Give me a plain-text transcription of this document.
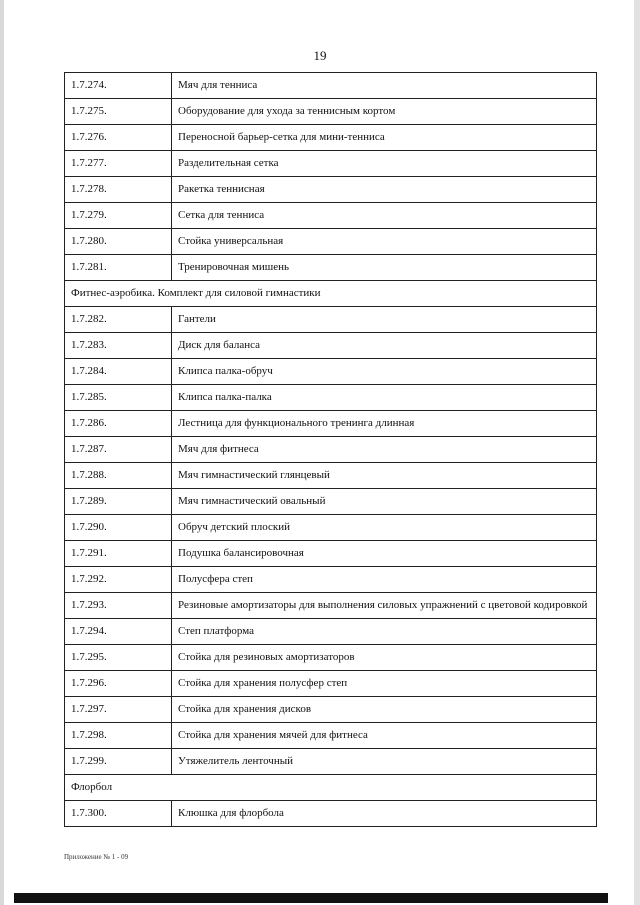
19
1.7.274.	Мяч для тенниса
1.7.275.	Оборудование для ухода за теннисным кортом
1.7.276.	Переносной барьер-сетка для мини-тенниса
1.7.277.	Разделительная сетка
1.7.278.	Ракетка теннисная
1.7.279.	Сетка для тенниса
1.7.280.	Стойка универсальная
1.7.281.	Тренировочная мишень
Фитнес-аэробика. Комплект для силовой гимнастики	
1.7.282.	Гантели
1.7.283.	Диск для баланса
1.7.284.	Клипса палка-обруч
1.7.285.	Клипса палка-палка
1.7.286.	Лестница для функционального тренинга длинная
1.7.287.	Мяч для фитнеса
1.7.288.	Мяч гимнастический глянцевый
1.7.289.	Мяч гимнастический овальный
1.7.290.	Обруч детский плоский
1.7.291.	Подушка балансировочная
1.7.292.	Полусфера степ
1.7.293.	Резиновые амортизаторы для выполнения силовых упражнений с цветовой кодировкой
1.7.294.	Степ платформа
1.7.295.	Стойка для резиновых амортизаторов
1.7.296.	Стойка для хранения полусфер степ
1.7.297.	Стойка для хранения дисков
1.7.298.	Стойка для хранения мячей для фитнеса
1.7.299.	Утяжелитель ленточный
Флорбол	
1.7.300.	Клюшка для флорбола
Приложение № 1 - 09
